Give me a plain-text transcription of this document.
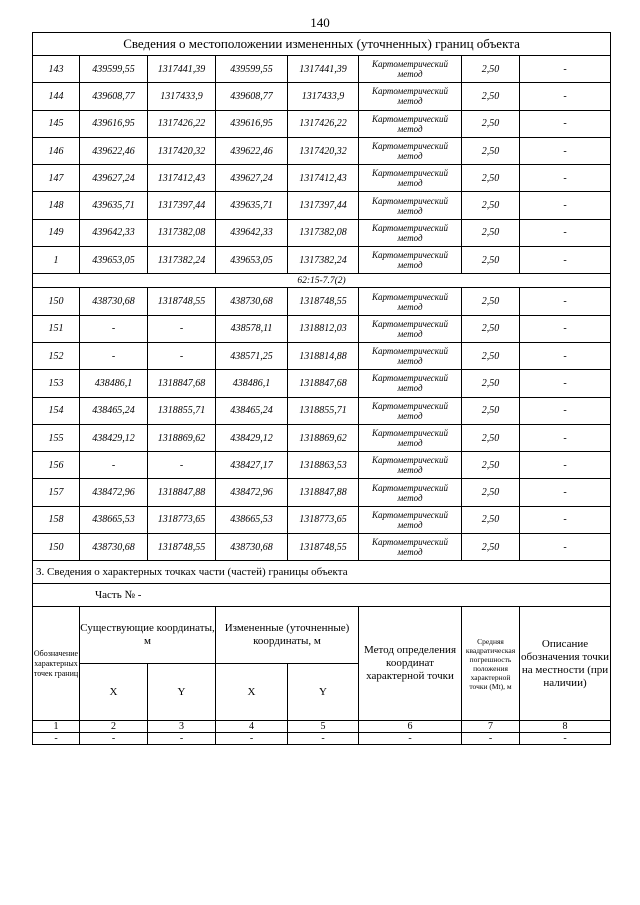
140
Сведения о местоположении измененных (уточненных) границ объекта							
143	439599,55	1317441,39	439599,55	1317441,39	Картометрический метод	2,50	-
144	439608,77	1317433,9	439608,77	1317433,9	Картометрический метод	2,50	-
145	439616,95	1317426,22	439616,95	1317426,22	Картометрический метод	2,50	-
146	439622,46	1317420,32	439622,46	1317420,32	Картометрический метод	2,50	-
147	439627,24	1317412,43	439627,24	1317412,43	Картометрический метод	2,50	-
148	439635,71	1317397,44	439635,71	1317397,44	Картометрический метод	2,50	-
149	439642,33	1317382,08	439642,33	1317382,08	Картометрический метод	2,50	-
1	439653,05	1317382,24	439653,05	1317382,24	Картометрический метод	2,50	-
62:15-7.7(2)							
150	438730,68	1318748,55	438730,68	1318748,55	Картометрический метод	2,50	-
151	-	-	438578,11	1318812,03	Картометрический метод	2,50	-
152	-	-	438571,25	1318814,88	Картометрический метод	2,50	-
153	438486,1	1318847,68	438486,1	1318847,68	Картометрический метод	2,50	-
154	438465,24	1318855,71	438465,24	1318855,71	Картометрический метод	2,50	-
155	438429,12	1318869,62	438429,12	1318869,62	Картометрический метод	2,50	-
156	-	-	438427,17	1318863,53	Картометрический метод	2,50	-
157	438472,96	1318847,88	438472,96	1318847,88	Картометрический метод	2,50	-
158	438665,53	1318773,65	438665,53	1318773,65	Картометрический метод	2,50	-
150	438730,68	1318748,55	438730,68	1318748,55	Картометрический метод	2,50	-
3. Сведения о характерных точках части (частей) границы объекта							
Часть № -							
Обозначение характерных точек границ	Существующие координаты, м		Измененные (уточненные) координаты, м		Метод определения координат характерной точки	Средняя квадратическая погрешность положения характерной точки (Mt), м	Описание обозначения точки на местности (при наличии)
	X	Y	X	Y			
1	2	3	4	5	6	7	8
-	-	-	-	-	-	-	-
